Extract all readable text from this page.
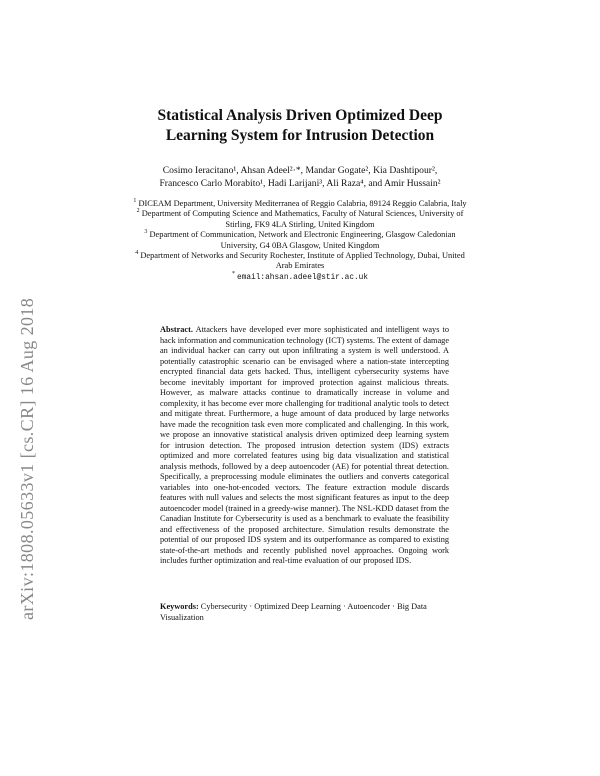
arXiv:1808.05633v1 [cs.CR] 16 Aug 2018
Statistical Analysis Driven Optimized Deep
Learning System for Intrusion Detection
Cosimo Ieracitano¹, Ahsan Adeel²·*, Mandar Gogate², Kia Dashtipour²,
Francesco Carlo Morabito¹, Hadi Larijani³, Ali Raza⁴, and Amir Hussain²
$^1$ DICEAM Department, University Mediterranea of Reggio Calabria, 89124 Reggio Calabria, Italy
$^2$ Department of Computing Science and Mathematics, Faculty of Natural Sciences, University of Stirling, FK9 4LA Stirling, United Kingdom
$^3$ Department of Communication, Network and Electronic Engineering, Glasgow Caledonian University, G4 0BA Glasgow, United Kingdom
$^4$ Department of Networks and Security Rochester, Institute of Applied Technology, Dubai, United Arab Emirates
* email:ahsan.adeel@stir.ac.uk
Abstract. Attackers have developed ever more sophisticated and intelligent ways to hack information and communication technology (ICT) systems. The extent of damage an individual hacker can carry out upon infiltrating a system is well understood. A potentially catastrophic scenario can be envisaged where a nation-state intercepting encrypted financial data gets hacked. Thus, intelligent cybersecurity systems have become inevitably important for improved protection against malicious threats. However, as malware attacks continue to dramatically increase in volume and complexity, it has become ever more challenging for traditional analytic tools to detect and mitigate threat. Furthermore, a huge amount of data produced by large networks have made the recognition task even more complicated and challenging. In this work, we propose an innovative statistical analysis driven optimized deep learning system for intrusion detection. The proposed intrusion detection system (IDS) extracts optimized and more correlated features using big data visualization and statistical analysis methods, followed by a deep autoencoder (AE) for potential threat detection. Specifically, a preprocessing module eliminates the outliers and converts categorical variables into one-hot-encoded vectors. The feature extraction module discards features with null values and selects the most significant features as input to the deep autoencoder model (trained in a greedy-wise manner). The NSL-KDD dataset from the Canadian Institute for Cybersecurity is used as a benchmark to evaluate the feasibility and effectiveness of the proposed architecture. Simulation results demonstrate the potential of our proposed IDS system and its outperformance as compared to existing state-of-the-art methods and recently published novel approaches. Ongoing work includes further optimization and real-time evaluation of our proposed IDS.
Keywords: Cybersecurity · Optimized Deep Learning · Autoencoder · Big Data Visualization
